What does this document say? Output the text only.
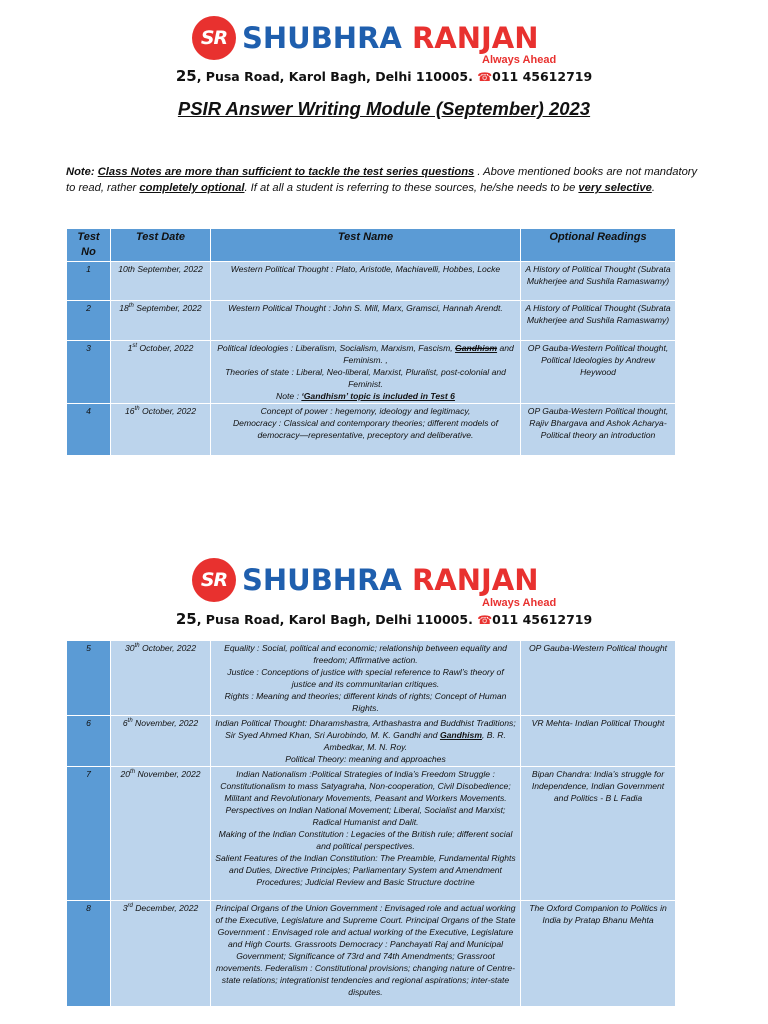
SR SHUBHRA RANJAN
Always Ahead
25, Pusa Road, Karol Bagh, Delhi 110005. ☎011 45612719
PSIR Answer Writing Module (September) 2023
Note: Class Notes are more than sufficient to tackle the test series questions . Above mentioned books are not mandatory to read, rather completely optional. If at all a student is referring to these sources, he/she needs to be very selective.
Test No	Test Date	Test Name	Optional Readings
1	10th September, 2022	Western Political Thought : Plato, Aristotle, Machiavelli, Hobbes, Locke	A History of Political Thought (Subrata Mukherjee and Sushila Ramaswamy)
2	18th September, 2022	Western Political Thought : John S. Mill, Marx, Gramsci, Hannah Arendt.	A History of Political Thought (Subrata Mukherjee and Sushila Ramaswamy)
3	1st October, 2022	Political Ideologies : Liberalism, Socialism, Marxism, Fascism, Gandhism and Feminism. ,
Theories of state : Liberal, Neo-liberal, Marxist, Pluralist, post-colonial and Feminist.
Note : ‘Gandhism’ topic is included in Test 6	OP Gauba-Western Political thought, Political Ideologies by Andrew Heywood
4	16th October, 2022	Concept of power : hegemony, ideology and legitimacy,
Democracy : Classical and contemporary theories; different models of democracy—representative, preceptory and deliberative.	OP Gauba-Western Political thought, Rajiv Bhargava and Ashok Acharya- Political theory an introduction
SR SHUBHRA RANJAN
Always Ahead
25, Pusa Road, Karol Bagh, Delhi 110005. ☎011 45612719
5	30th October, 2022	Equality : Social, political and economic; relationship between equality and freedom; Affirmative action.
Justice : Conceptions of justice with special reference to Rawl’s theory of justice and its communitarian critiques.
Rights : Meaning and theories; different kinds of rights; Concept of Human Rights.	OP Gauba-Western Political thought
6	6th November, 2022	Indian Political Thought: Dharamshastra, Arthashastra and Buddhist Traditions; Sir Syed Ahmed Khan, Sri Aurobindo, M. K. Gandhi and Gandhism, B. R. Ambedkar, M. N. Roy.
Political Theory: meaning and approaches	VR Mehta- Indian Political Thought
7	20th November, 2022	Indian Nationalism :Political Strategies of India’s Freedom Struggle : Constitutionalism to mass Satyagraha, Non-cooperation, Civil Disobedience; Militant and Revolutionary Movements, Peasant and Workers Movements. Perspectives on Indian National Movement; Liberal, Socialist and Marxist; Radical Humanist and Dalit.
Making of the Indian Constitution : Legacies of the British rule; different social and political perspectives.
Salient Features of the Indian Constitution: The Preamble, Fundamental Rights and Duties, Directive Principles; Parliamentary System and Amendment Procedures; Judicial Review and Basic Structure doctrine	Bipan Chandra: India’s struggle for Independence, Indian Government and Politics - B L Fadia
8	3rd December, 2022	Principal Organs of the Union Government : Envisaged role and actual working of the Executive, Legislature and Supreme Court. Principal Organs of the State Government : Envisaged role and actual working of the Executive, Legislature and High Courts. Grassroots Democracy : Panchayati Raj and Municipal Government; Significance of 73rd and 74th Amendments; Grassroot movements. Federalism : Constitutional provisions; changing nature of Centre-state relations; integrationist tendencies and regional aspirations; inter-state disputes.	The Oxford Companion to Politics in India by Pratap Bhanu Mehta
